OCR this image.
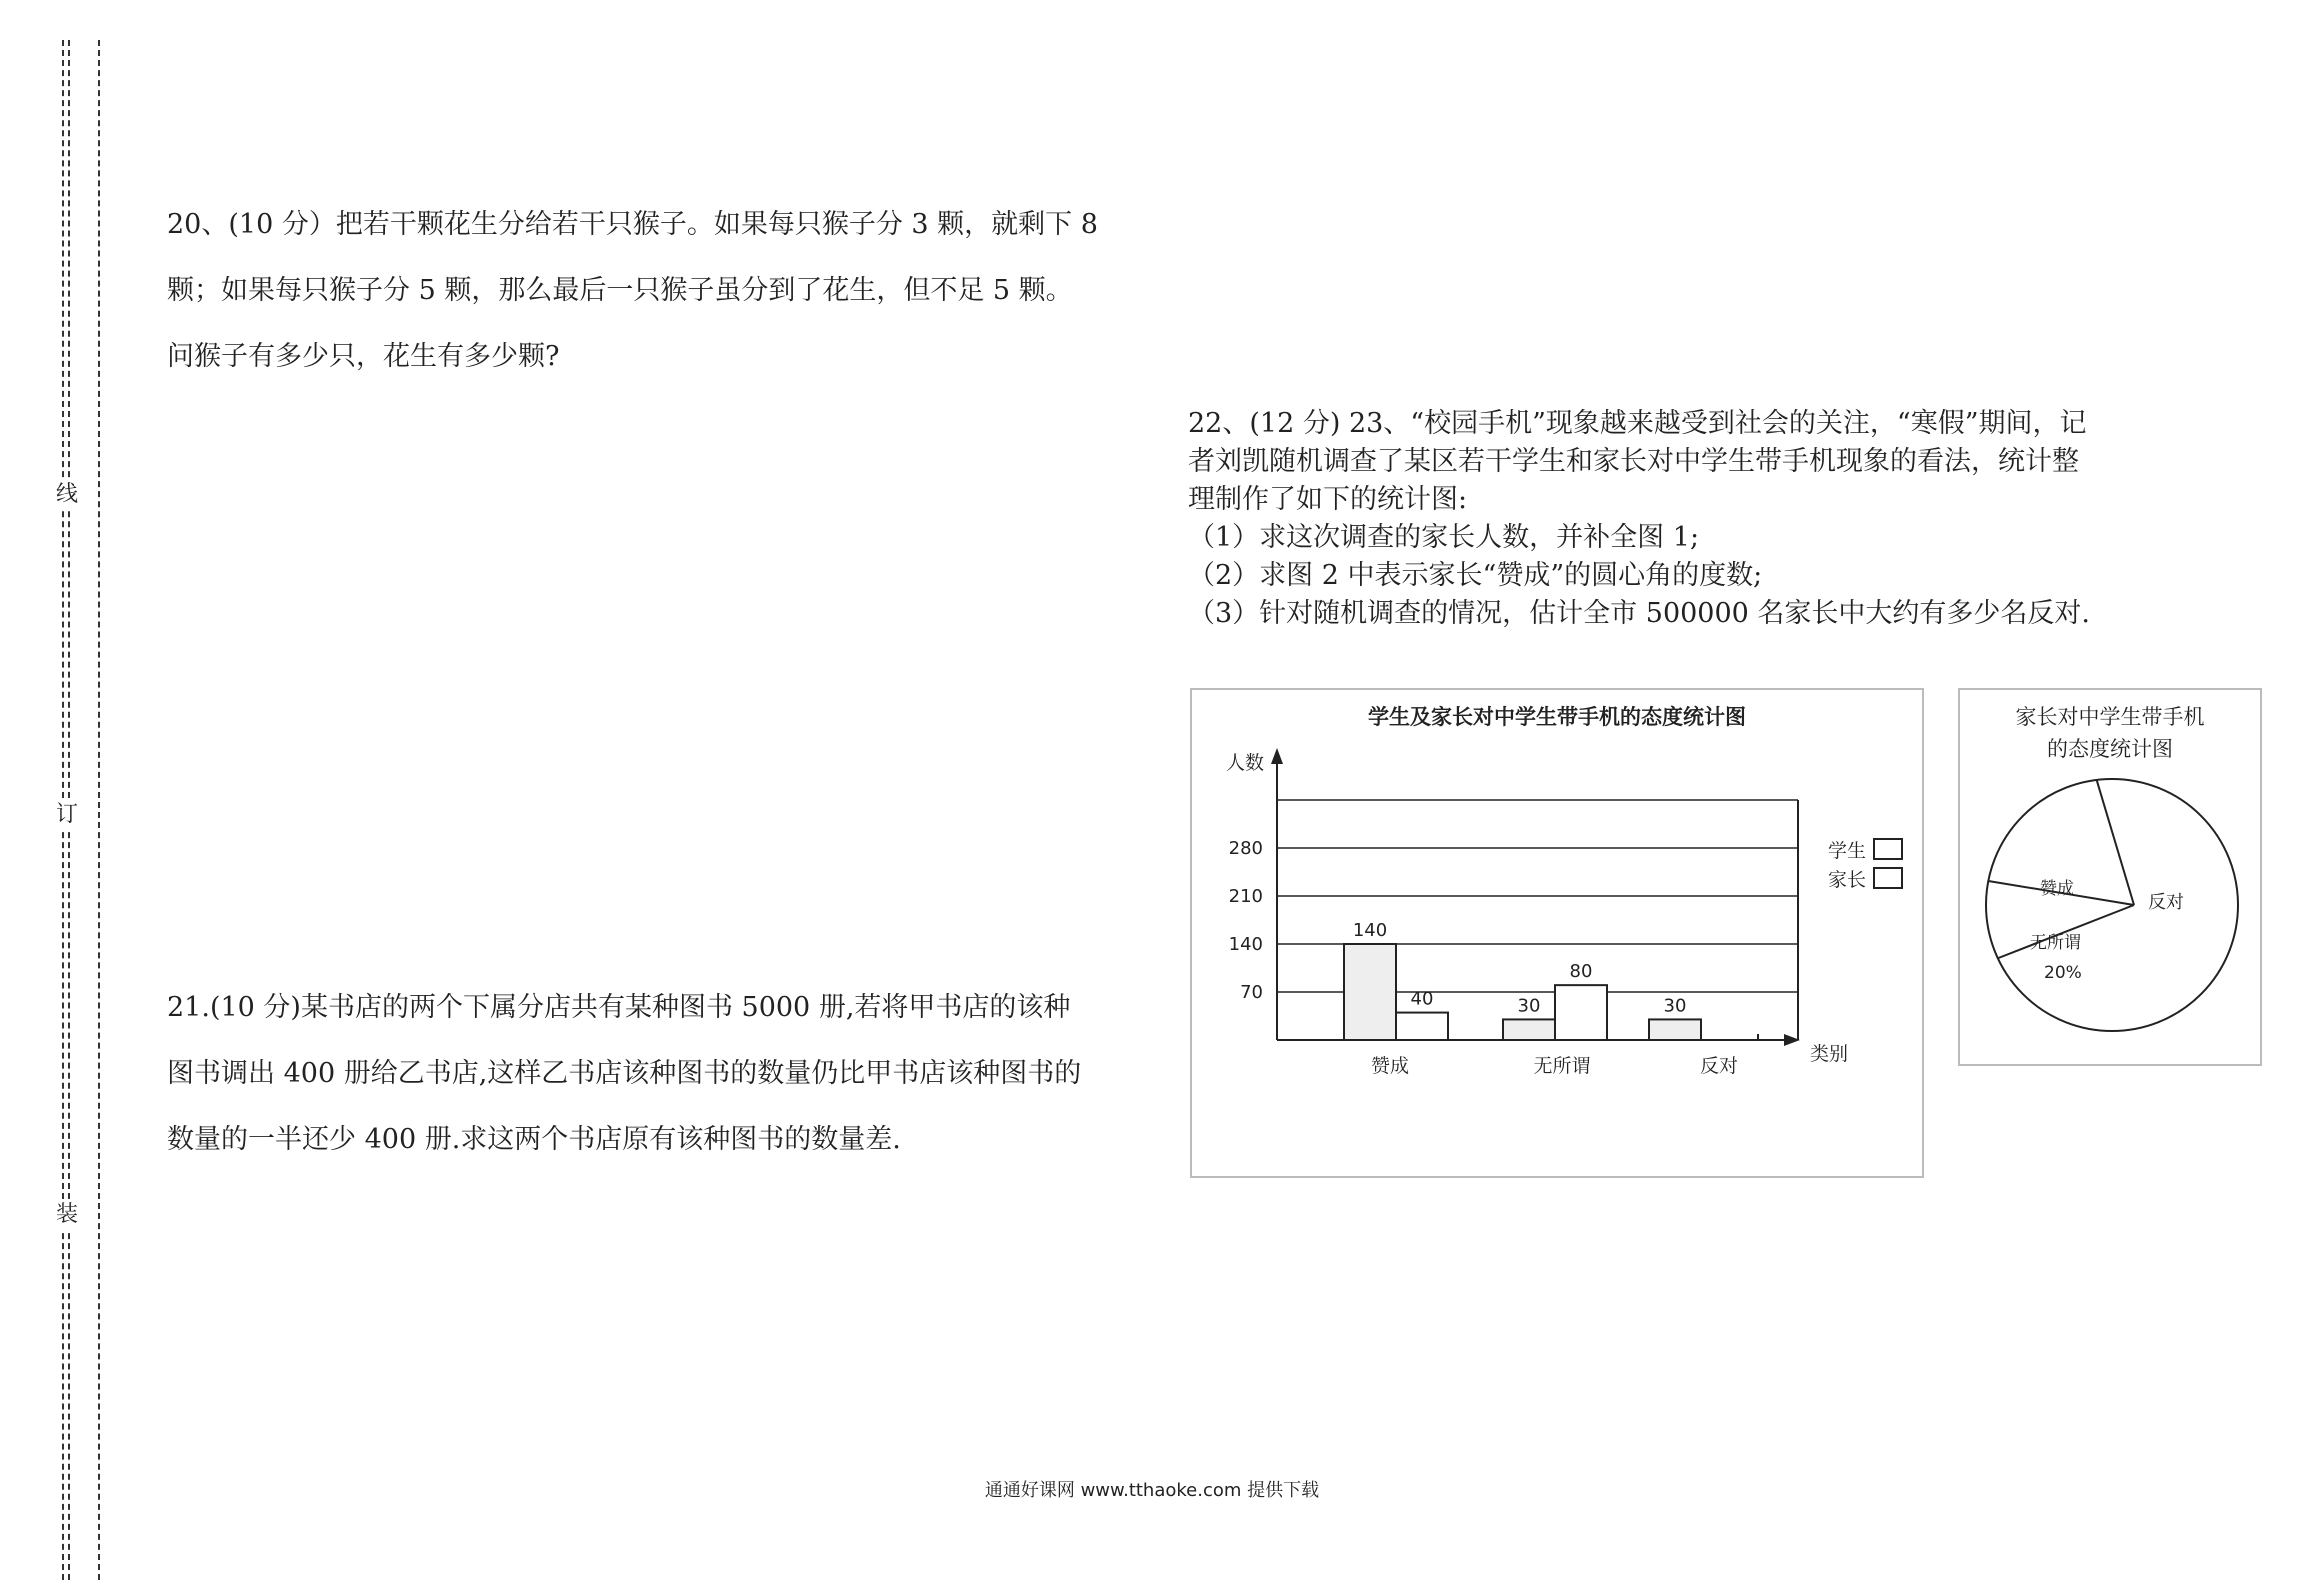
线
订
装

20、(10 分）把若干颗花生分给若干只猴子。如果每只猴子分 3 颗，就剩下 8

颗；如果每只猴子分 5 颗，那么最后一只猴子虽分到了花生，但不足 5 颗。

问猴子有多少只，花生有多少颗?

21.(10 分)某书店的两个下属分店共有某种图书 5000 册,若将甲书店的该种

图书调出 400 册给乙书店,这样乙书店该种图书的数量仍比甲书店该种图书的

数量的一半还少 400 册.求这两个书店原有该种图书的数量差.

22、(12 分) 23、“校园手机”现象越来越受到社会的关注，“寒假”期间，记

者刘凯随机调查了某区若干学生和家长对中学生带手机现象的看法，统计整

理制作了如下的统计图:

（1）求这次调查的家长人数，并补全图 1;

（2）求图 2 中表示家长“赞成”的圆心角的度数;

（3）针对随机调查的情况，估计全市 500000 名家长中大约有多少名反对.

学生及家长对中学生带手机的态度统计图
人数
类别
70
140
210
280
140
40	30
80
30
赞成	无所谓	反对
学生
家长
家长对中学生带手机
的态度统计图
赞成
反对
无所谓
20%
通通好课网 www.tthaoke.com 提供下载
